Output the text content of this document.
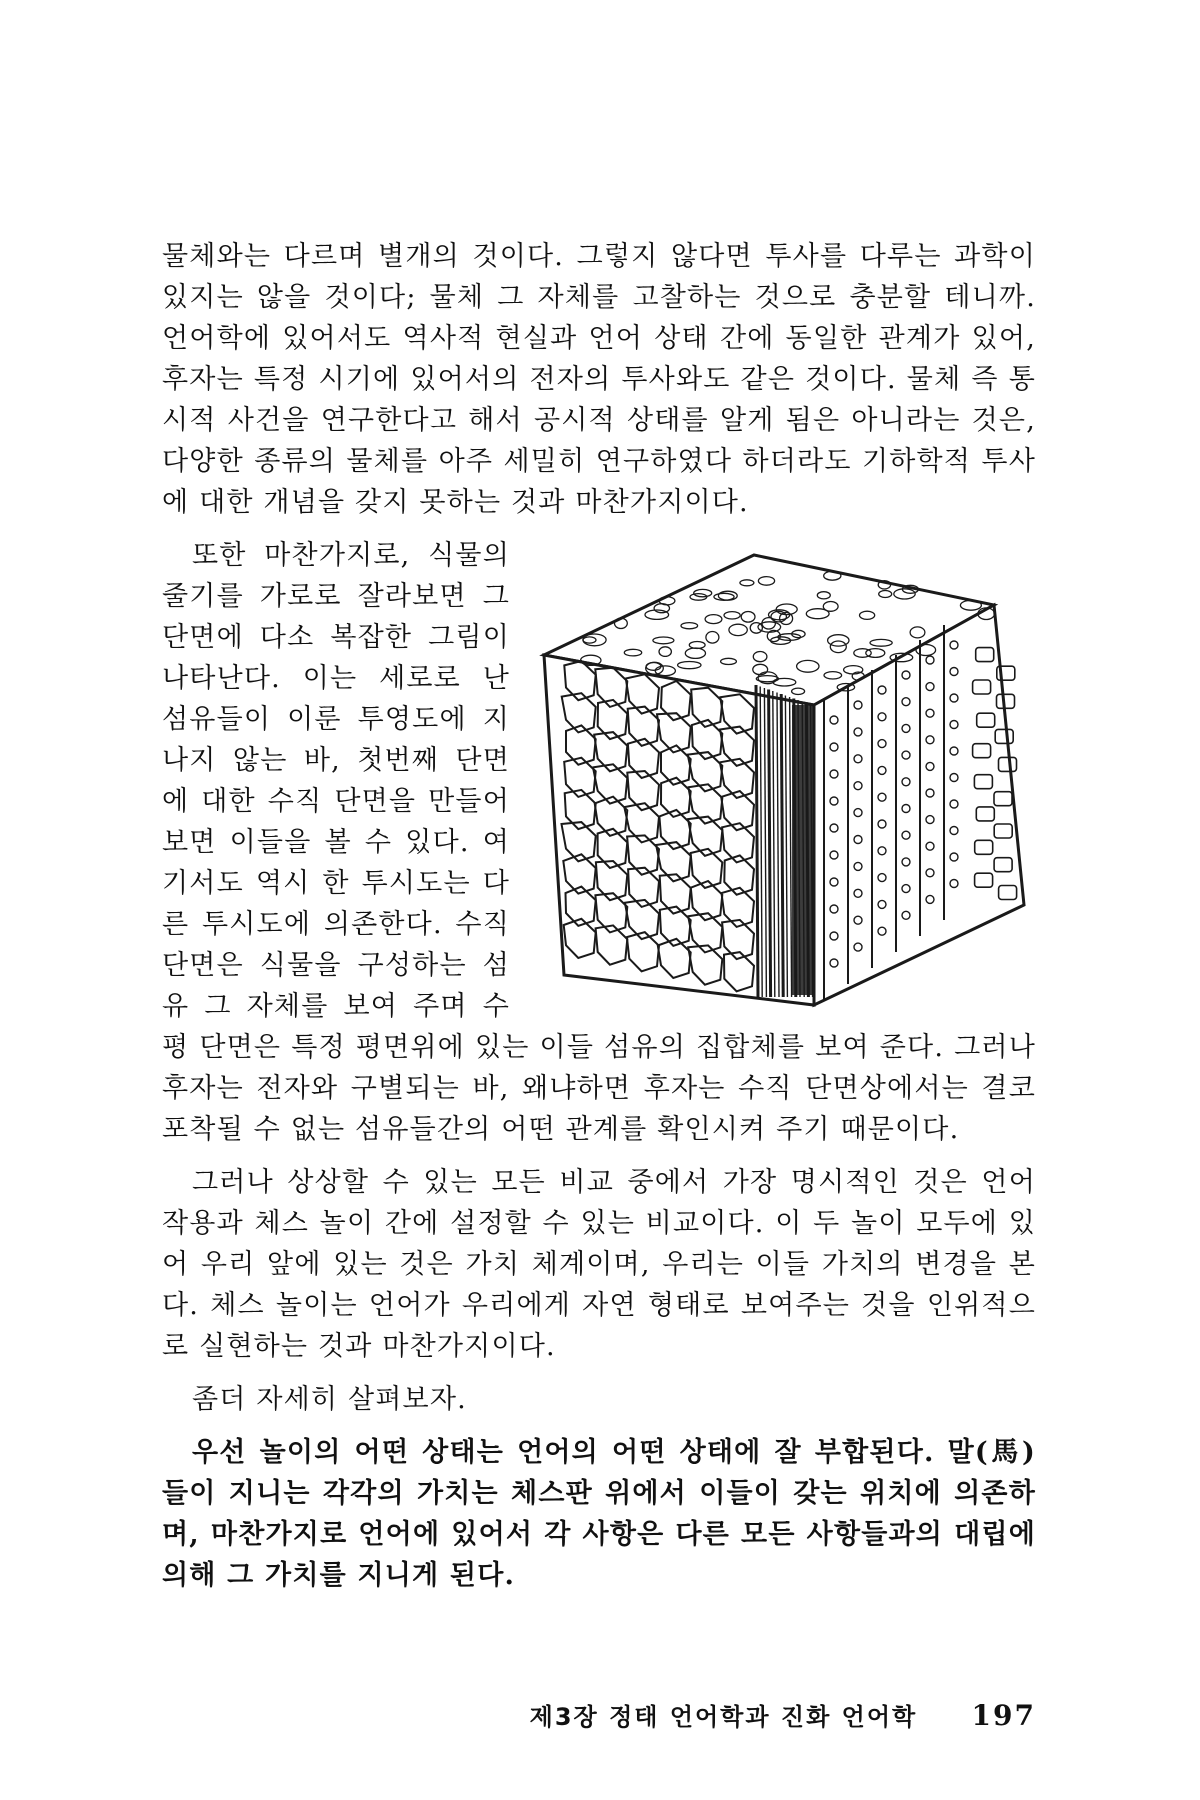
물체와는 다르며 별개의 것이다. 그렇지 않다면 투사를 다루는 과학이 있지는 않을 것이다; 물체 그 자체를 고찰하는 것으로 충분할 테니까. 언어학에 있어서도 역사적 현실과 언어 상태 간에 동일한 관계가 있어, 후자는 특정 시기에 있어서의 전자의 투사와도 같은 것이다. 물체 즉 통시적 사건을 연구한다고 해서 공시적 상태를 알게 됨은 아니라는 것은, 다양한 종류의 물체를 아주 세밀히 연구하였다 하더라도 기하학적 투사에 대한 개념을 갖지 못하는 것과 마찬가지이다.

또한 마찬가지로, 식물의 줄기를 가로로 잘라보면 그 단면에 다소 복잡한 그림이 나타난다. 이는 세로로 난 섬유들이 이룬 투영도에 지나지 않는 바, 첫번째 단면에 대한 수직 단면을 만들어 보면 이들을 볼 수 있다. 여기서도 역시 한 투시도는 다른 투시도에 의존한다. 수직 단면은 식물을 구성하는 섬유 그 자체를 보여 주며 수평 단면은 특정 평면위에 있는 이들 섬유의 집합체를 보여 준다. 그러나 후자는 전자와 구별되는 바, 왜냐하면 후자는 수직 단면상에서는 결코 포착될 수 없는 섬유들간의 어떤 관계를 확인시켜 주기 때문이다.

그러나 상상할 수 있는 모든 비교 중에서 가장 명시적인 것은 언어 작용과 체스 놀이 간에 설정할 수 있는 비교이다. 이 두 놀이 모두에 있어 우리 앞에 있는 것은 가치 체계이며, 우리는 이들 가치의 변경을 본다. 체스 놀이는 언어가 우리에게 자연 형태로 보여주는 것을 인위적으로 실현하는 것과 마찬가지이다.

좀더 자세히 살펴보자.

우선 놀이의 어떤 상태는 언어의 어떤 상태에 잘 부합된다. 말(馬)들이 지니는 각각의 가치는 체스판 위에서 이들이 갖는 위치에 의존하며, 마찬가지로 언어에 있어서 각 사항은 다른 모든 사항들과의 대립에 의해 그 가치를 지니게 된다.

제3장 정태 언어학과 진화 언어학 197
